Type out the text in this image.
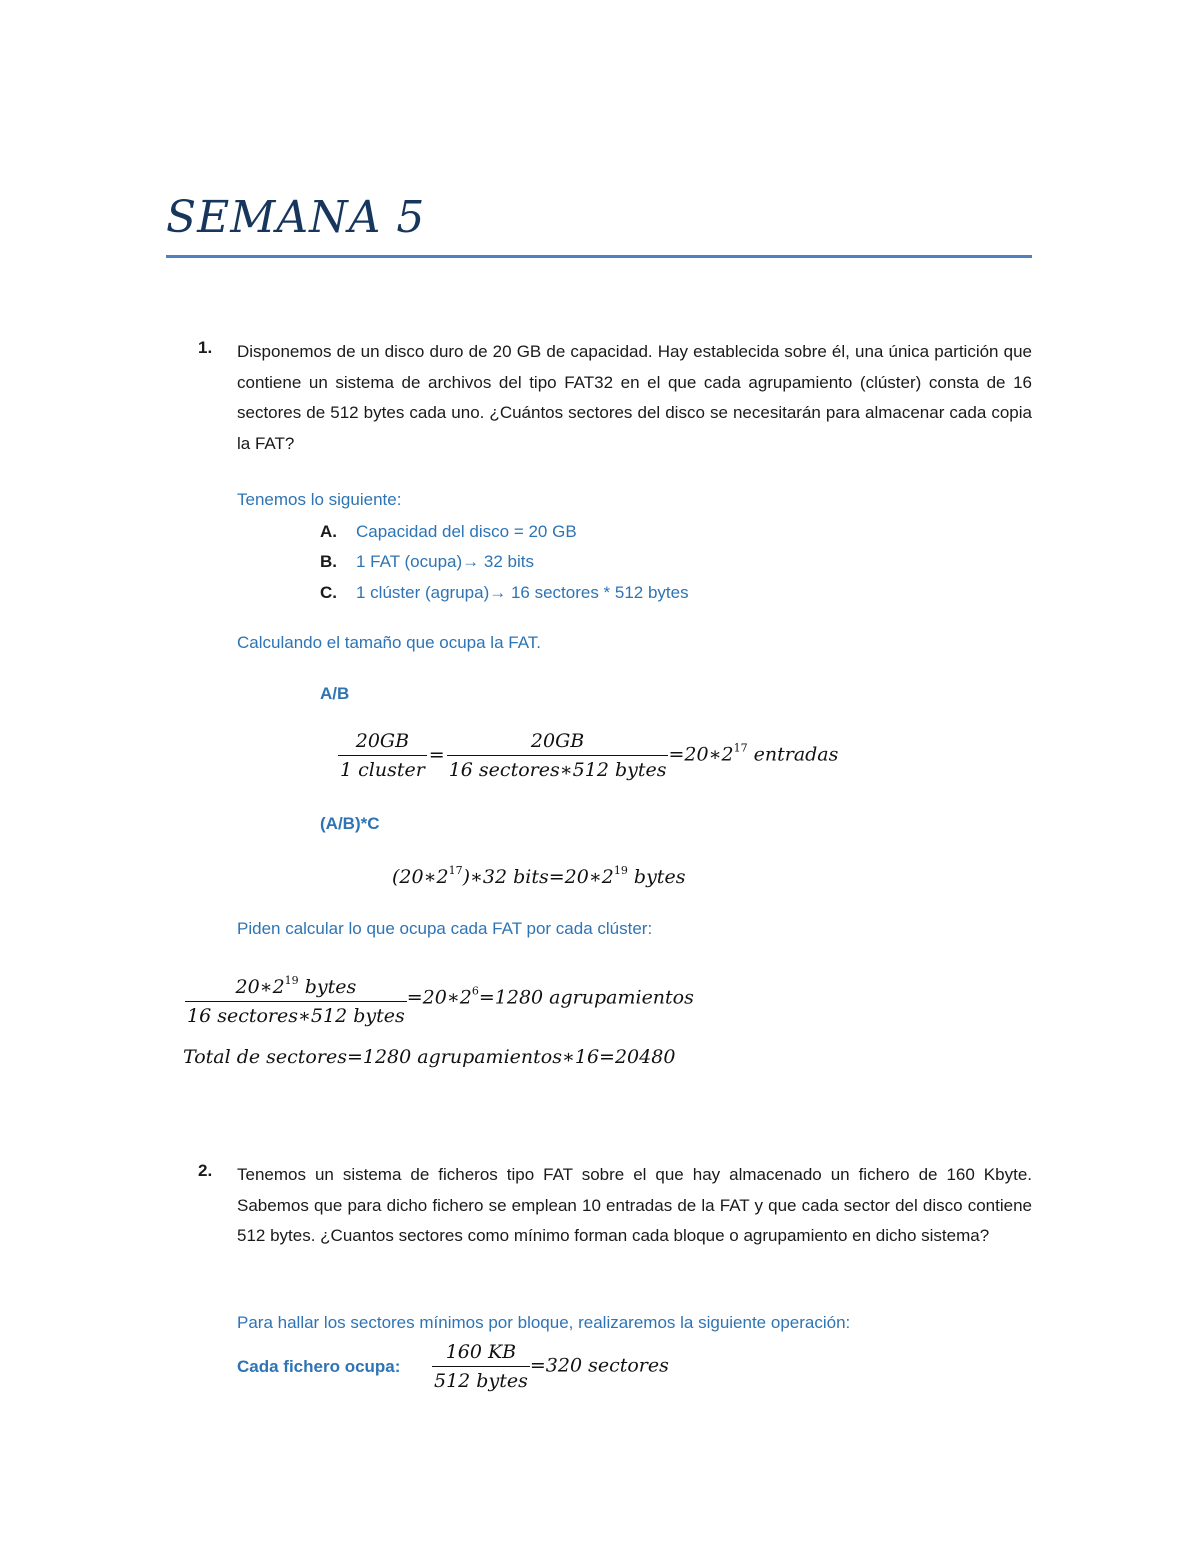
SEMANA 5
1. Disponemos de un disco duro de 20 GB de capacidad. Hay establecida sobre él, una única partición que contiene un sistema de archivos del tipo FAT32 en el que cada agrupamiento (clúster) consta de 16 sectores de 512 bytes cada uno. ¿Cuántos sectores del disco se necesitarán para almacenar cada copia la FAT?
Tenemos lo siguiente:
A. Capacidad del disco = 20 GB
B. 1 FAT (ocupa)→ 32 bits
C. 1 clúster (agrupa)→ 16 sectores * 512 bytes
Calculando el tamaño que ocupa la FAT.
A/B
$\frac{20GB}{\text{1 cluster}} = \frac{20GB}{\text{16 sectores∗512 bytes}}$ $=20∗2^{17}$ entradas
(A/B)*C
$(20∗2^{17})∗32$ $bits=20∗2^{19}$ bytes
Piden calcular lo que ocupa cada FAT por cada clúster:
$\frac{20∗2^{19} bytes}{\text{16 sectores∗512 bytes}}$ $=20∗2^6=1280$ agrupamientos
Total de sectores=1280 agrupamientos∗16=20480
2. Tenemos un sistema de ficheros tipo FAT sobre el que hay almacenado un fichero de 160 Kbyte. Sabemos que para dicho fichero se emplean 10 entradas de la FAT y que cada sector del disco contiene 512 bytes. ¿Cuantos sectores como mínimo forman cada bloque o agrupamiento en dicho sistema?
Para hallar los sectores mínimos por bloque, realizaremos la siguiente operación:
Cada fichero ocupa: $\frac{160 KB}{\text{512 bytes}} =320$ sectores
